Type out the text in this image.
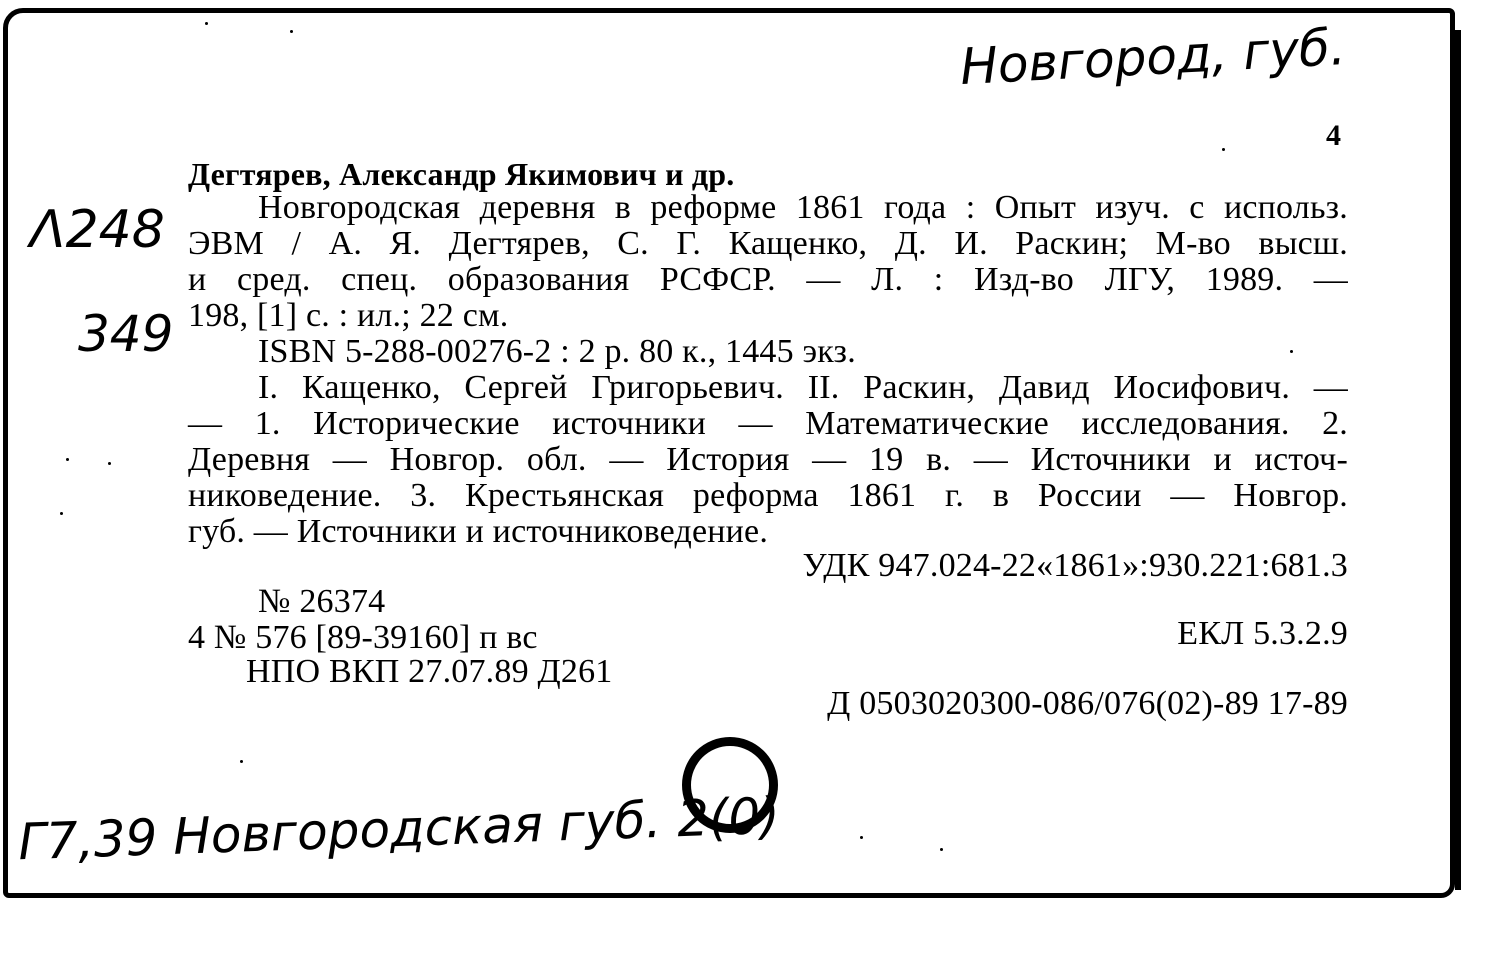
Новгород, губ.

Λ248

349

Г7,39 Новгородская губ. 2(0)

4

Дегтярев, Александр Якимович и др.

Новгородская деревня в реформе 1861 года : Опыт изуч. с использ.

ЭВМ / А. Я. Дегтярев, С. Г. Кащенко, Д. И. Раскин; М-во высш.

и сред. спец. образования РСФСР. — Л. : Изд-во ЛГУ, 1989. —

198, [1] с. : ил.; 22 см.

ISBN 5-288-00276-2 : 2 р. 80 к., 1445 экз.

I. Кащенко, Сергей Григорьевич. II. Раскин, Давид Иосифович. —

— 1. Исторические источники — Математические исследования. 2.

Деревня — Новгор. обл. — История — 19 в. — Источники и источ-

никоведение. 3. Крестьянская реформа 1861 г. в России — Новгор.

губ. — Источники и источниковедение.

УДК 947.024-22«1861»:930.221:681.3

№ 26374

4 № 576 [89-39160] п вс	ЕКЛ 5.3.2.9

НПО ВКП 27.07.89 Д261

Д 0503020300-086/076(02)-89 17-89
